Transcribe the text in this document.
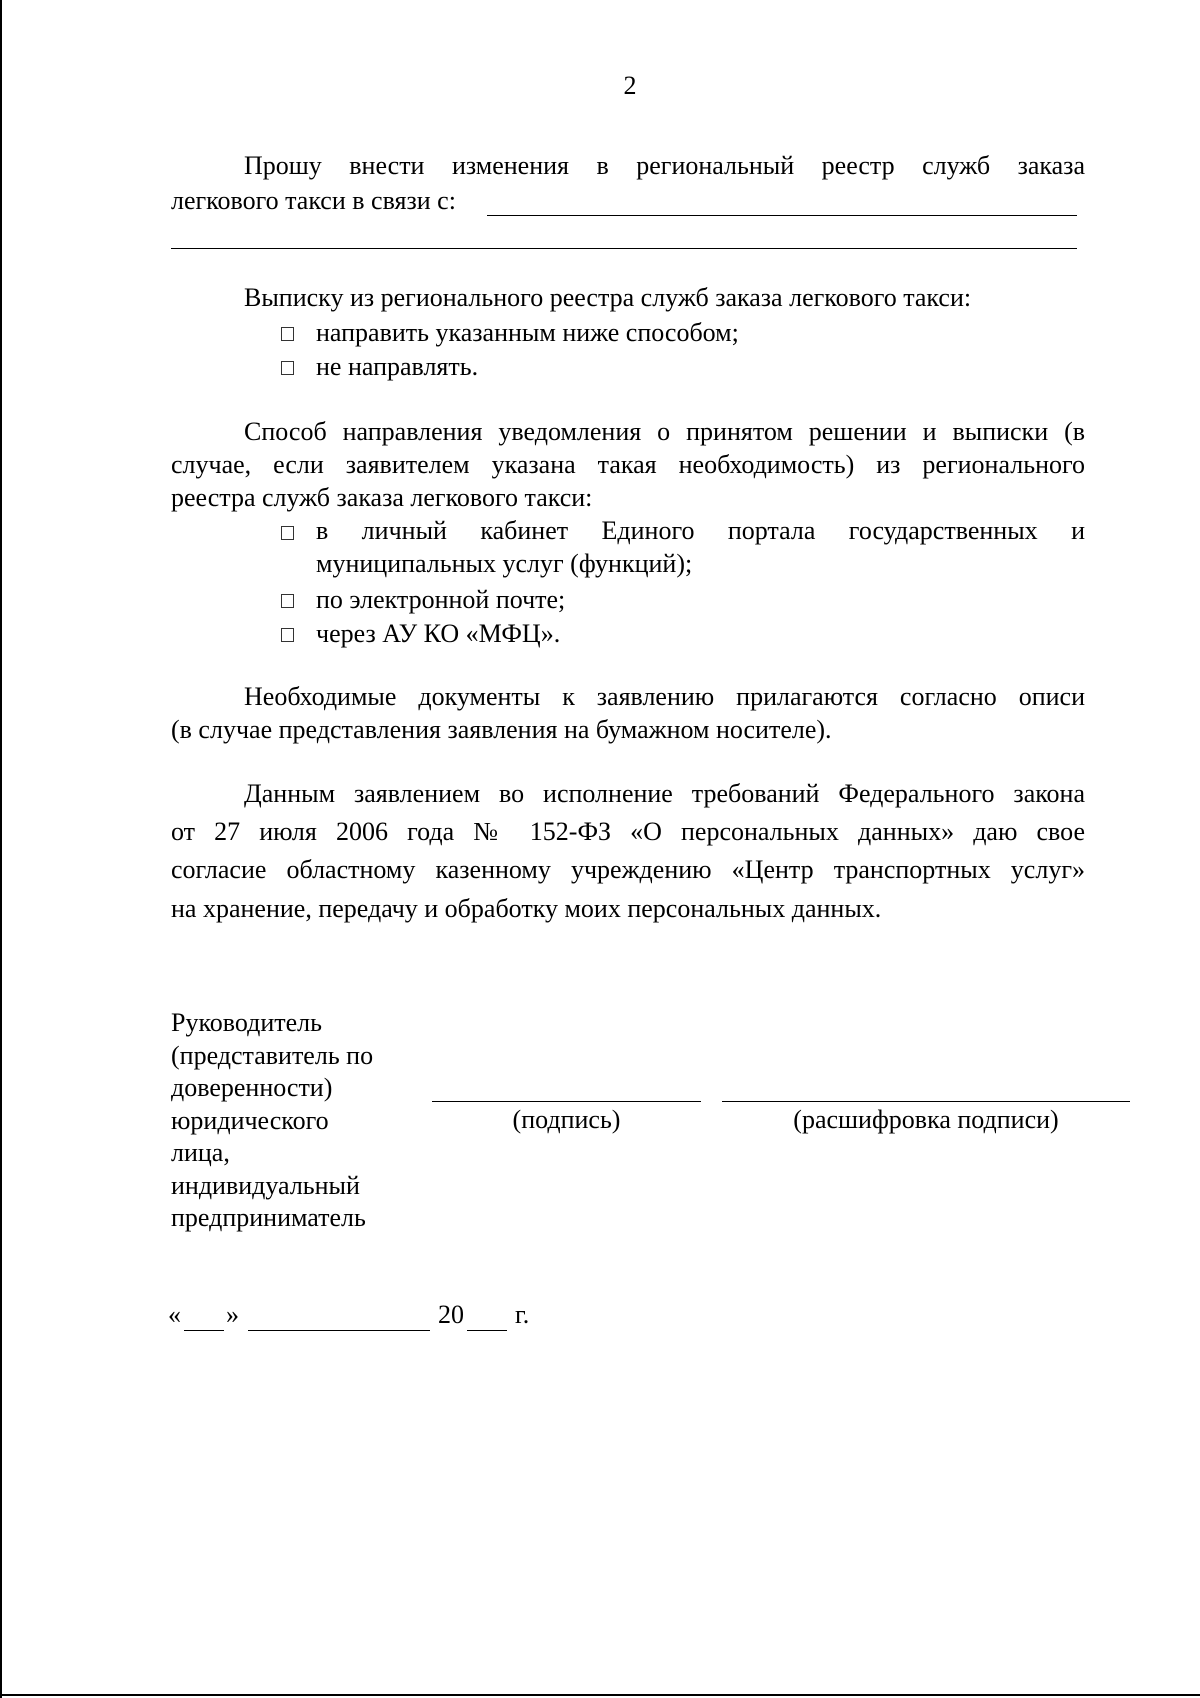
2
Прошу внести изменения в региональный реестр служб заказа
легкового такси в связи с:
Выписку из регионального реестра служб заказа легкового такси:
направить указанным ниже способом;
не направлять.
Способ направления уведомления о принятом решении и выписки (в
случае, если заявителем указана такая необходимость) из регионального
реестра служб заказа легкового такси:
в личный кабинет Единого портала государственных и
муниципальных услуг (функций);
по электронной почте;
через АУ КО «МФЦ».
Необходимые документы к заявлению прилагаются согласно описи
(в случае представления заявления на бумажном носителе).
Данным заявлением во исполнение требований Федерального закона
от 27 июля 2006 года № 152-ФЗ «О персональных данных» даю свое
согласие областному казенному учреждению «Центр транспортных услуг»
на хранение, передачу и обработку моих персональных данных.
Руководитель
(представитель по
доверенности)
юридического
лица,
индивидуальный
предприниматель
(подпись)	(расшифровка подписи)
« »	20 г.
